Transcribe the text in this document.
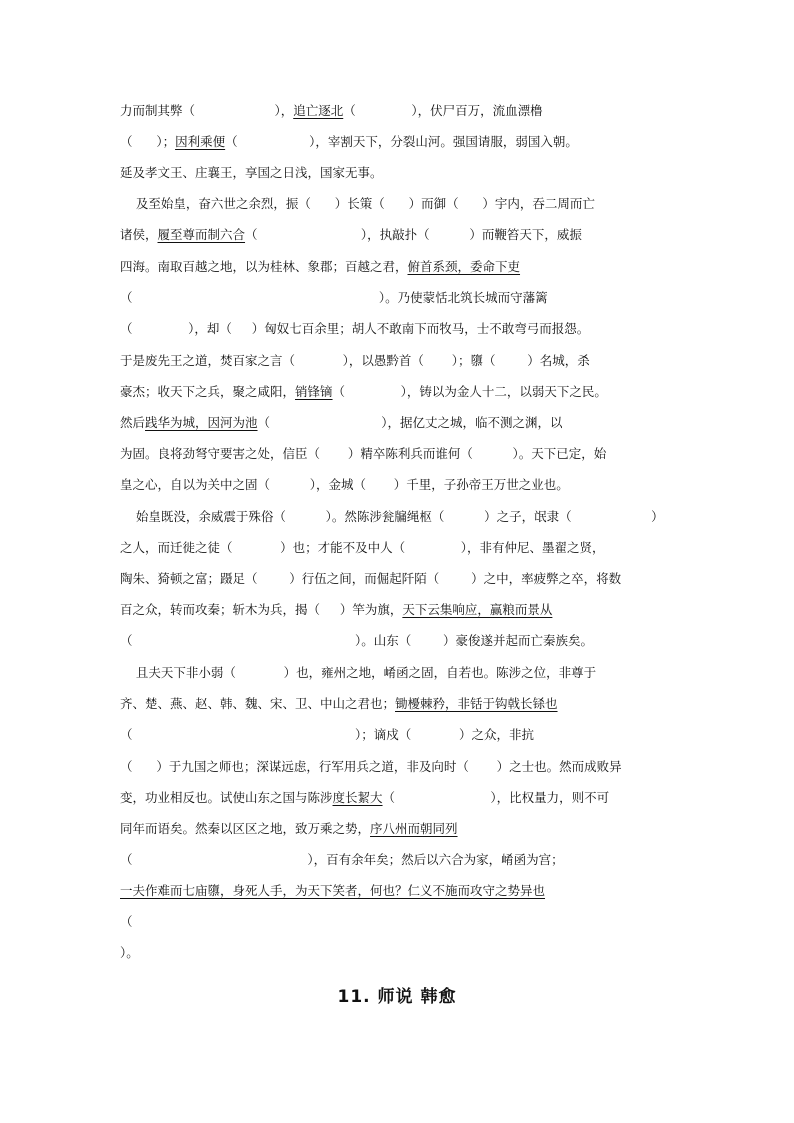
力而制其弊（                    ），追亡逐北（              ），伏尸百万，流血漂橹
（      ）；因利乘便（                  ），宰割天下，分裂山河。强国请服，弱国入朝。
延及孝文王、庄襄王，享国之日浅，国家无事。
及至始皇，奋六世之余烈，振（      ）长策（      ）而御（      ）宇内，吞二周而亡
诸侯，履至尊而制六合（                          ），执敲扑（          ）而鞭笞天下，威振
四海。南取百越之地，以为桂林、象郡；百越之君，俯首系颈，委命下吏
（                                                              ）。乃使蒙恬北筑长城而守藩篱
（              ），却（     ）匈奴七百余里；胡人不敢南下而牧马，士不敢弯弓而报怨。
于是废先王之道，焚百家之言（            ），以愚黔首（       ）；隳（        ）名城，杀
豪杰；收天下之兵，聚之咸阳，销锋镝（              ），铸以为金人十二，以弱天下之民。
然后践华为城，因河为池（                            ），据亿丈之城，临不测之渊，以
为固。良将劲弩守要害之处，信臣（       ）精卒陈利兵而谁何（          ）。天下已定，始
皇之心，自以为关中之固（          ），金城（       ）千里，子孙帝王万世之业也。
始皇既没，余威震于殊俗（          ）。然陈涉瓮牖绳枢（          ）之子，氓隶（                    ）
之人，而迁徙之徒（            ）也；才能不及中人（              ），非有仲尼、墨翟之贤，
陶朱、猗顿之富；蹑足（        ）行伍之间，而倔起阡陌（        ）之中，率疲弊之卒，将数
百之众，转而攻秦；斩木为兵，揭（     ）竿为旗，天下云集响应，赢粮而景从
（                                                        ）。山东（        ）豪俊遂并起而亡秦族矣。
且夫天下非小弱（            ）也，雍州之地，崤函之固，自若也。陈涉之位，非尊于
齐、楚、燕、赵、韩、魏、宋、卫、中山之君也；锄櫌棘矜，非铦于钩戟长铩也
（                                                        ）；谪戍（            ）之众，非抗
（      ）于九国之师也；深谋远虑，行军用兵之道，非及向时（       ）之士也。然而成败异
变，功业相反也。试使山东之国与陈涉度长絜大（                        ），比权量力，则不可
同年而语矣。然秦以区区之地，致万乘之势，序八州而朝同列
（                                            ），百有余年矣；然后以六合为家，崤函为宫；
一夫作难而七庙隳，身死人手，为天下笑者，何也？仁义不施而攻守之势异也
（
）。
11. 师说 韩愈
